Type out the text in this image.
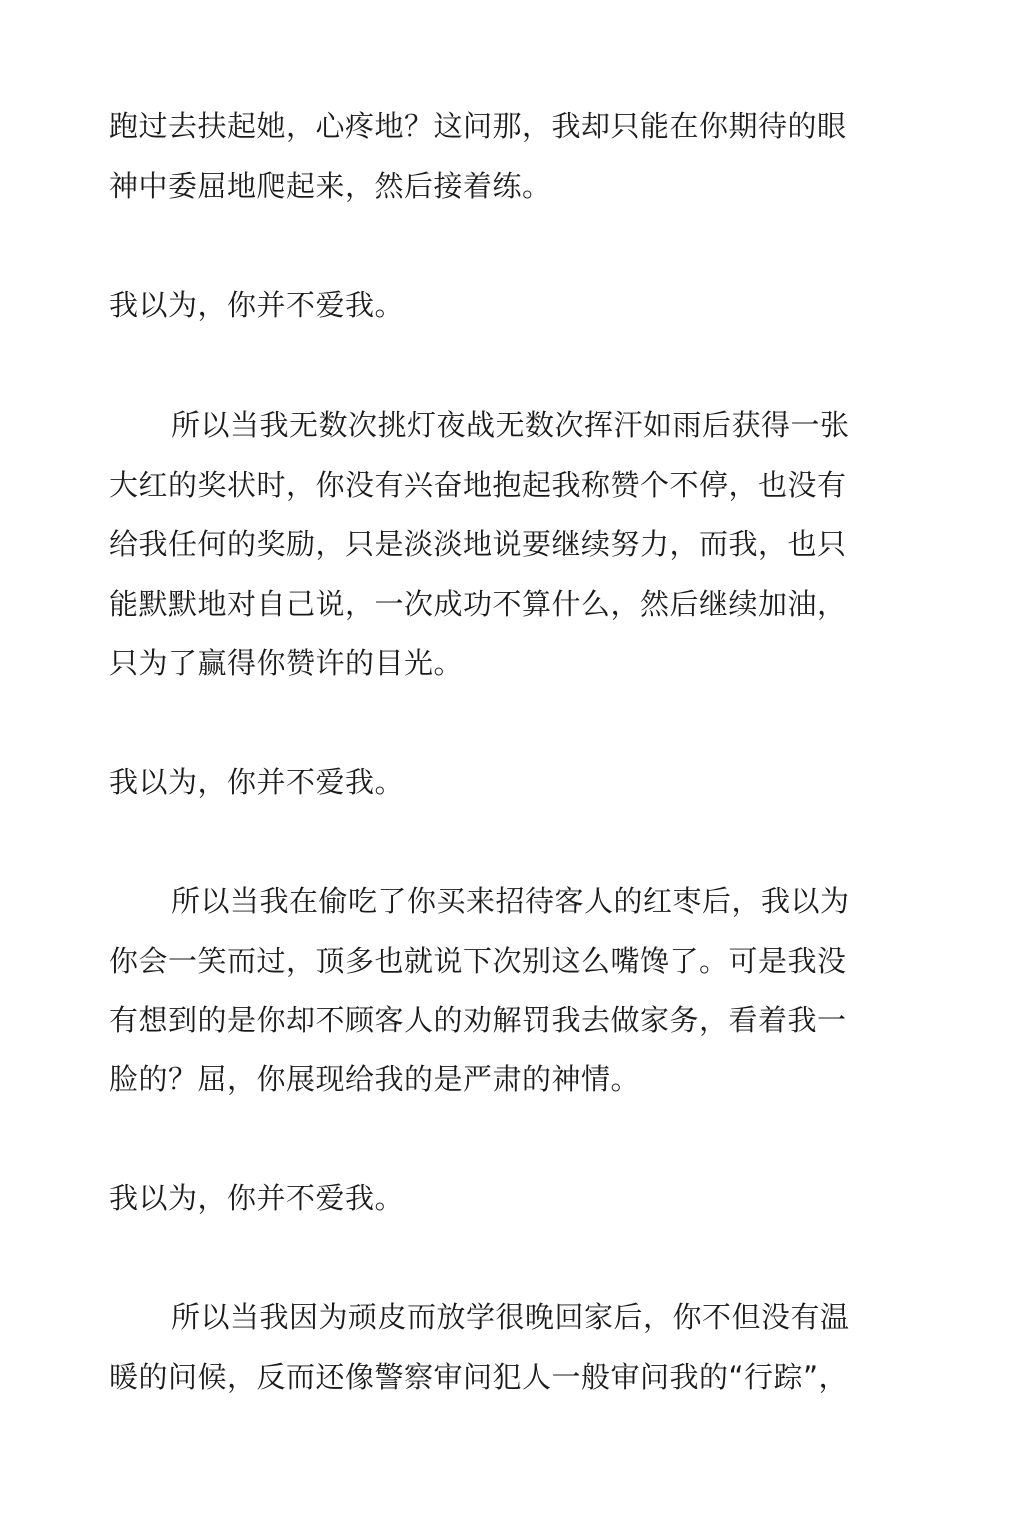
跑过去扶起她，心疼地？这问那，我却只能在你期待的眼
神中委屈地爬起来，然后接着练。
我以为，你并不爱我。
所以当我无数次挑灯夜战无数次挥汗如雨后获得一张
大红的奖状时，你没有兴奋地抱起我称赞个不停，也没有
给我任何的奖励，只是淡淡地说要继续努力，而我，也只
能默默地对自己说，一次成功不算什么，然后继续加油，
只为了赢得你赞许的目光。
我以为，你并不爱我。
所以当我在偷吃了你买来招待客人的红枣后，我以为
你会一笑而过，顶多也就说下次别这么嘴馋了。可是我没
有想到的是你却不顾客人的劝解罚我去做家务，看着我一
脸的？屈，你展现给我的是严肃的神情。
我以为，你并不爱我。
所以当我因为顽皮而放学很晚回家后，你不但没有温
暖的问候，反而还像警察审问犯人一般审问我的“行踪”，
